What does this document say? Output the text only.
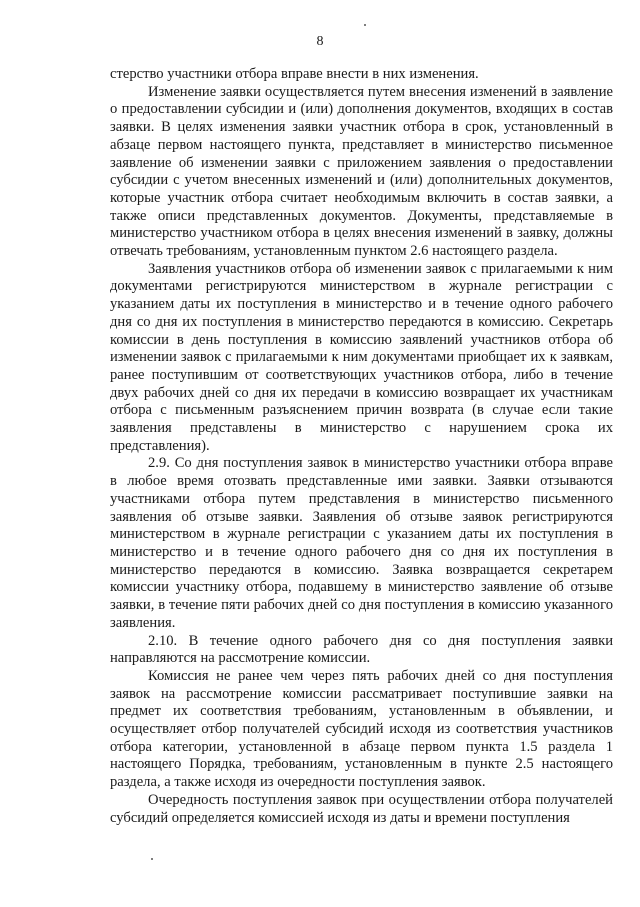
8

стерство участники отбора вправе внести в них изменения.

Изменение заявки осуществляется путем внесения изменений в заявление о предоставлении субсидии и (или) дополнения документов, входящих в состав заявки. В целях изменения заявки участник отбора в срок, установленный в абзаце первом настоящего пункта, представляет в министерство письменное заявление об изменении заявки с приложением заявления о предоставлении субсидии с учетом внесенных изменений и (или) дополнительных документов, которые участник отбора считает необходимым включить в состав заявки, а также описи представленных документов. Документы, представляемые в министерство участником отбора в целях внесения изменений в заявку, должны отвечать требованиям, установленным пунктом 2.6 настоящего раздела.

Заявления участников отбора об изменении заявок с прилагаемыми к ним документами регистрируются министерством в журнале регистрации с указанием даты их поступления в министерство и в течение одного рабочего дня со дня их поступления в министерство передаются в комиссию. Секретарь комиссии в день поступления в комиссию заявлений участников отбора об изменении заявок с прилагаемыми к ним документами приобщает их к заявкам, ранее поступившим от соответствующих участников отбора, либо в течение двух рабочих дней со дня их передачи в комиссию возвращает их участникам отбора с письменным разъяснением причин возврата (в случае если такие заявления представлены в министерство с нарушением срока их представления).

2.9. Со дня поступления заявок в министерство участники отбора вправе в любое время отозвать представленные ими заявки. Заявки отзываются участниками отбора путем представления в министерство письменного заявления об отзыве заявки. Заявления об отзыве заявок регистрируются министерством в журнале регистрации с указанием даты их поступления в министерство и в течение одного рабочего дня со дня их поступления в министерство передаются в комиссию. Заявка возвращается секретарем комиссии участнику отбора, подавшему в министерство заявление об отзыве заявки, в течение пяти рабочих дней со дня поступления в комиссию указанного заявления.

2.10. В течение одного рабочего дня со дня поступления заявки направляются на рассмотрение комиссии.

Комиссия не ранее чем через пять рабочих дней со дня поступления заявок на рассмотрение комиссии рассматривает поступившие заявки на предмет их соответствия требованиям, установленным в объявлении, и осуществляет отбор получателей субсидий исходя из соответствия участников отбора категории, установленной в абзаце первом пункта 1.5 раздела 1 настоящего Порядка, требованиям, установленным в пункте 2.5 настоящего раздела, а также исходя из очередности поступления заявок.

Очередность поступления заявок при осуществлении отбора получателей субсидий определяется комиссией исходя из даты и времени поступления
